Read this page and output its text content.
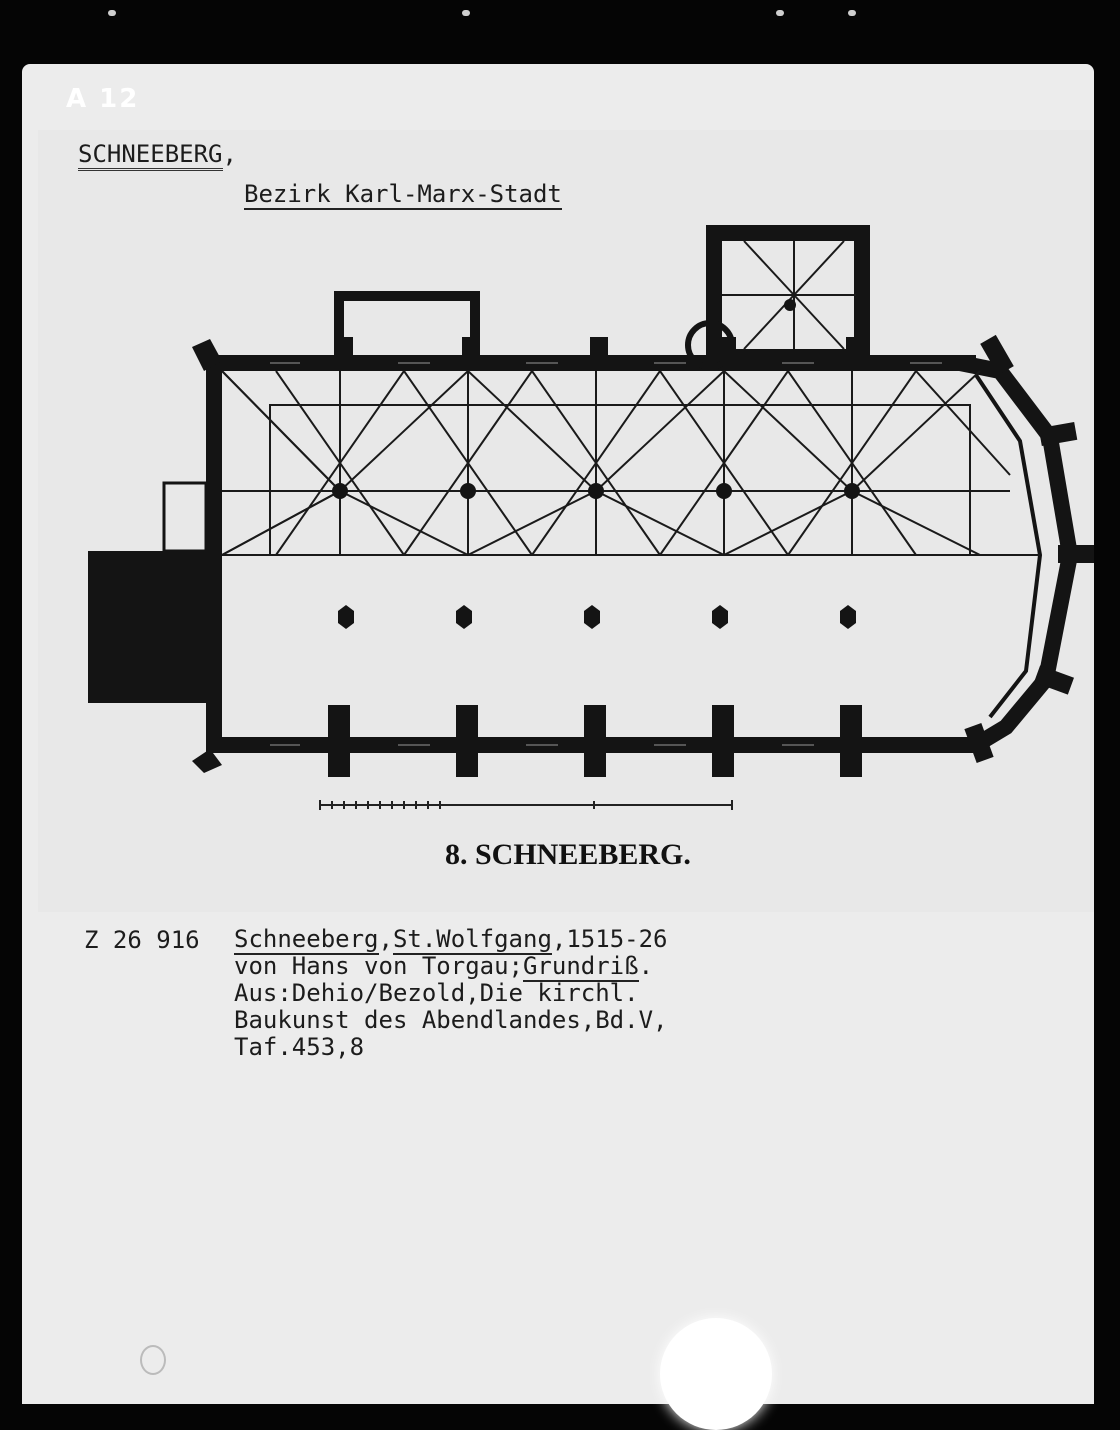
A 12
SCHNEEBERG,
Bezirk Karl-Marx-Stadt
8. SCHNEEBERG.
Z 26 916 Schneeberg,St.Wolfgang,1515-26
von Hans von Torgau;Grundriß.
Aus:Dehio/Bezold,Die kirchl.
Baukunst des Abendlandes,Bd.V,
Taf.453,8
